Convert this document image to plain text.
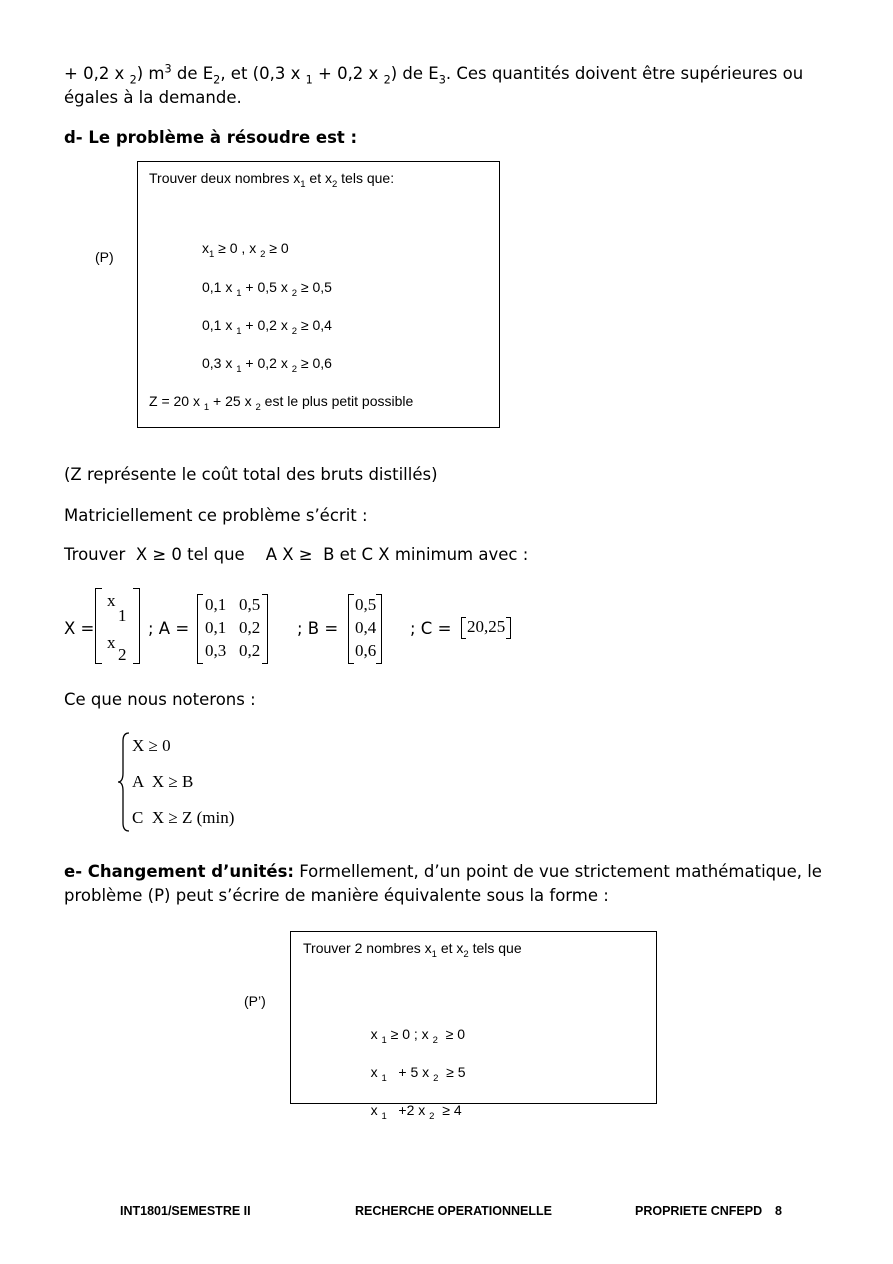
+ 0,2 x $_2$) $m^3$ de $E_2$, et (0,3 x $_1$ + 0,2 x $_2$) de $E_3$. Ces quantités doivent être supérieures ou
égales à la demande.
d- Le problème à résoudre est :
(P)
Trouver deux nombres $x_1$ et $x_2$ tels que:
$x_1 \ge 0$ , x $_2$ ≥ 0
0,1 x $_1$ + 0,5 x $_2$ ≥ 0,5
0,1 x $_1$ + 0,2 x $_2$ ≥ 0,4
0,3 x $_1$ + 0,2 x $_2$ ≥ 0,6
Z = 20 x $_1$ + 25 x $_2$ est le plus petit possible
(Z représente le coût total des bruts distillés)
Matriciellement ce problème s’écrit :
Trouver  X ≥ 0 tel que    A X ≥  B et C X minimum avec :
X =
x
1
x
2
; A =
0,1 0,5
0,1 0,2
0,3 0,2
; B =
0,5
0,4
0,6
; C = 20,25
Ce que nous noterons :
X ≥ 0
A  X ≥ B
C  X ≥ Z (min)
e- Changement d’unités: Formellement, d’un point de vue strictement mathématique, le
problème (P) peut s’écrire de manière équivalente sous la forme :
(P’)
Trouver 2 nombres $x_1$ et $x_2$ tels que

x $_1$ ≥ 0 ; x $_2$  ≥ 0

x $_1$   + 5 x $_2$  ≥ 5

x $_1$   +2 x $_2$  ≥ 4

INT1801/SEMESTRE II	RECHERCHE OPERATIONNELLE	PROPRIETE CNFEPD 8
